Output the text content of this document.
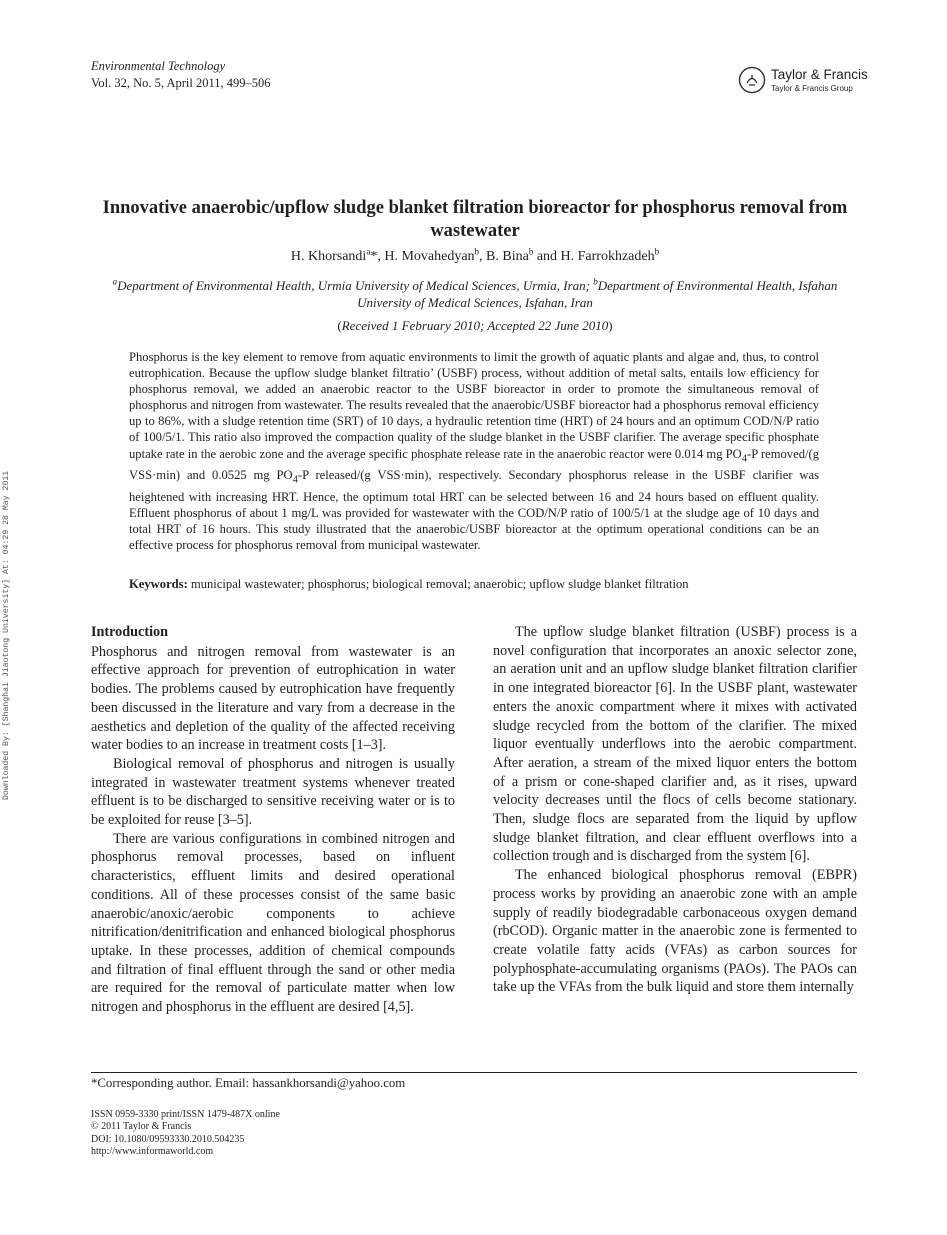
Environmental Technology
Vol. 32, No. 5, April 2011, 499–506
Taylor & Francis
Taylor & Francis Group
Innovative anaerobic/upflow sludge blanket filtration bioreactor for phosphorus removal from wastewater
H. Khorsandi$^a$*, H. Movahedyan$^b$, B. Bina$^b$ and H. Farrokhzadeh$^b$
$^a$Department of Environmental Health, Urmia University of Medical Sciences, Urmia, Iran; $^b$Department of Environmental Health, Isfahan University of Medical Sciences, Isfahan, Iran
(Received 1 February 2010; Accepted 22 June 2010)
Phosphorus is the key element to remove from aquatic environments to limit the growth of aquatic plants and algae and, thus, to control eutrophication. Because the upflow sludge blanket filtratio’ (USBF) process, without addition of metal salts, entails low efficiency for phosphorus removal, we added an anaerobic reactor to the USBF bioreactor in order to promote the simultaneous removal of phosphorus and nitrogen from wastewater. The results revealed that the anaerobic/USBF bioreactor had a phosphorus removal efficiency up to 86%, with a sludge retention time (SRT) of 10 days, a hydraulic retention time (HRT) of 24 hours and an optimum COD/N/P ratio of 100/5/1. This ratio also improved the compaction quality of the sludge blanket in the USBF clarifier. The average specific phosphate uptake rate in the aerobic zone and the average specific phosphate release rate in the anaerobic reactor were 0.014 mg $PO_4-P$ removed/(g VSS·min) and 0.0525 mg $PO_4-P$ released/(g VSS·min), respectively. Secondary phosphorus release in the USBF clarifier was heightened with increasing HRT. Hence, the optimum total HRT can be selected between 16 and 24 hours based on effluent quality. Effluent phosphorus of about 1 mg/L was provided for wastewater with the COD/N/P ratio of 100/5/1 at the sludge age of 10 days and total HRT of 16 hours. This study illustrated that the anaerobic/USBF bioreactor at the optimum operational conditions can be an effective process for phosphorus removal from municipal wastewater.
Keywords: municipal wastewater; phosphorus; biological removal; anaerobic; upflow sludge blanket filtration
Downloaded By: [Shanghai Jiaotong University] At: 04:29 28 May 2011	Introduction

Phosphorus and nitrogen removal from wastewater is an effective approach for prevention of eutrophication in water bodies. The problems caused by eutrophication have frequently been discussed in the literature and vary from a decrease in the aesthetics and depletion of the quality of the affected receiving water bodies to an increase in treatment costs [1–3].

Biological removal of phosphorus and nitrogen is usually integrated in wastewater treatment systems whenever treated effluent is to be discharged to sensitive receiving water or is to be exploited for reuse [3–5].

There are various configurations in combined nitrogen and phosphorus removal processes, based on influent characteristics, effluent limits and desired operational conditions. All of these processes consist of the same basic anaerobic/anoxic/aerobic components to achieve nitrification/denitrification and enhanced biological phosphorus uptake. In these processes, addition of chemical compounds and filtration of final effluent through the sand or other media are required for the removal of particulate matter when low nitrogen and phosphorus in the effluent are desired [4,5].

The upflow sludge blanket filtration (USBF) process is a novel configuration that incorporates an anoxic selector zone, an aeration unit and an upflow sludge blanket filtration clarifier in one integrated bioreactor [6]. In the USBF plant, wastewater enters the anoxic compartment where it mixes with activated sludge recycled from the bottom of the clarifier. The mixed liquor eventually underflows into the aerobic compartment. After aeration, a stream of the mixed liquor enters the bottom of a prism or cone-shaped clarifier and, as it rises, upward velocity decreases until the flocs of cells become stationary. Then, sludge flocs are separated from the liquid by upflow sludge blanket filtration, and clear effluent overflows into a collection trough and is discharged from the system [6].

The enhanced biological phosphorus removal (EBPR) process works by providing an anaerobic zone with an ample supply of readily biodegradable carbonaceous oxygen demand (rbCOD). Organic matter in the anaerobic zone is fermented to create volatile fatty acids (VFAs) as carbon sources for polyphosphate-accumulating organisms (PAOs). The PAOs can take up the VFAs from the bulk liquid and store them internally

*Corresponding author. Email: hassankhorsandi@yahoo.com
ISSN 0959-3330 print/ISSN 1479-487X online
© 2011 Taylor & Francis
DOI: 10.1080/09593330.2010.504235
http://www.informaworld.com
